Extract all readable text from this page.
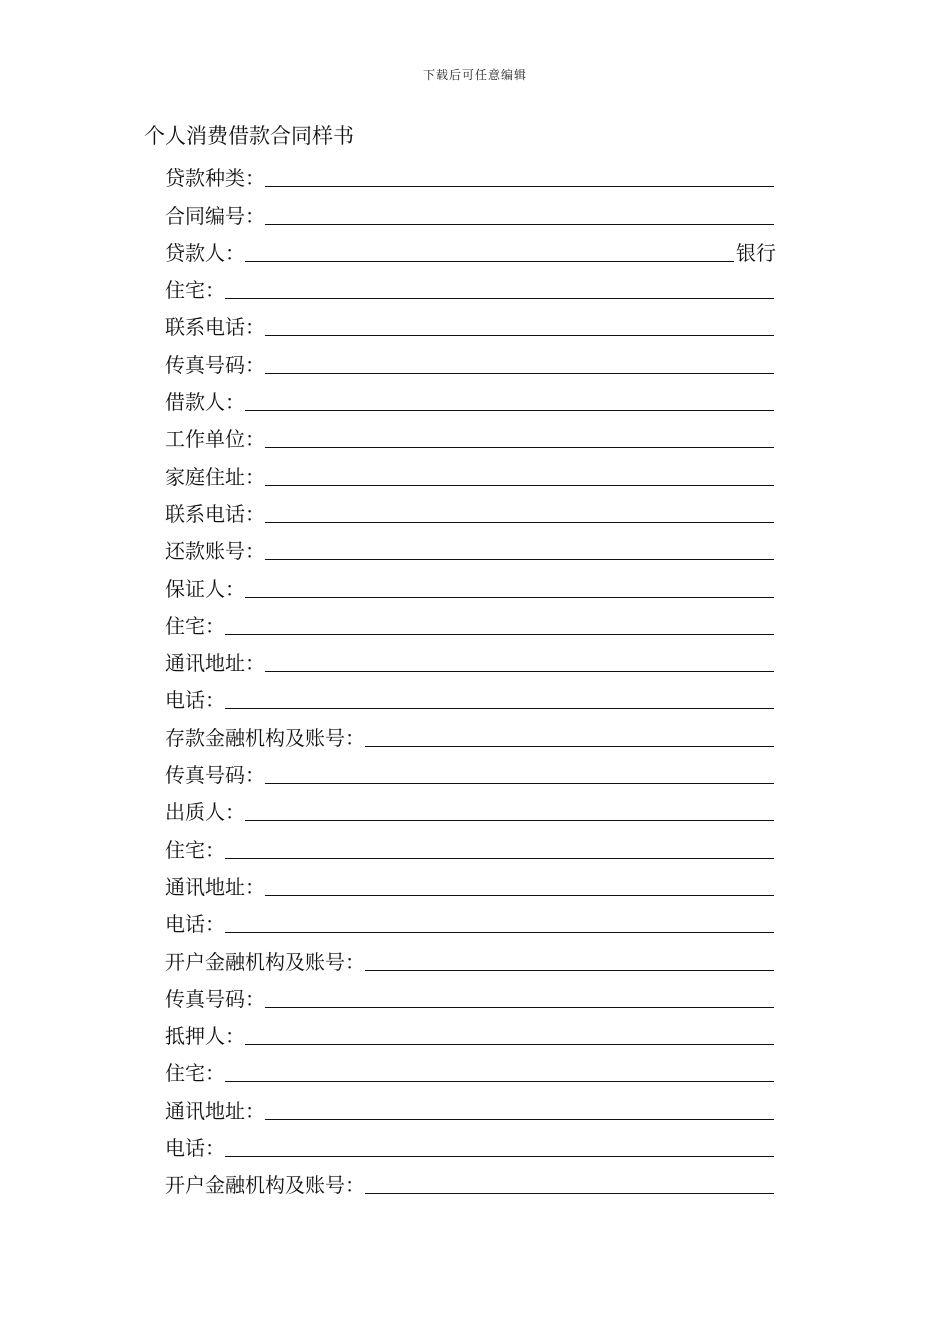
下载后可任意编辑
个人消费借款合同样书
贷款种类：
合同编号：
贷款人：	银行
住宅：
联系电话：
传真号码：
借款人：
工作单位：
家庭住址：
联系电话：
还款账号：
保证人：
住宅：
通讯地址：
电话：
存款金融机构及账号：
传真号码：
出质人：
住宅：
通讯地址：
电话：
开户金融机构及账号：
传真号码：
抵押人：
住宅：
通讯地址：
电话：
开户金融机构及账号：
